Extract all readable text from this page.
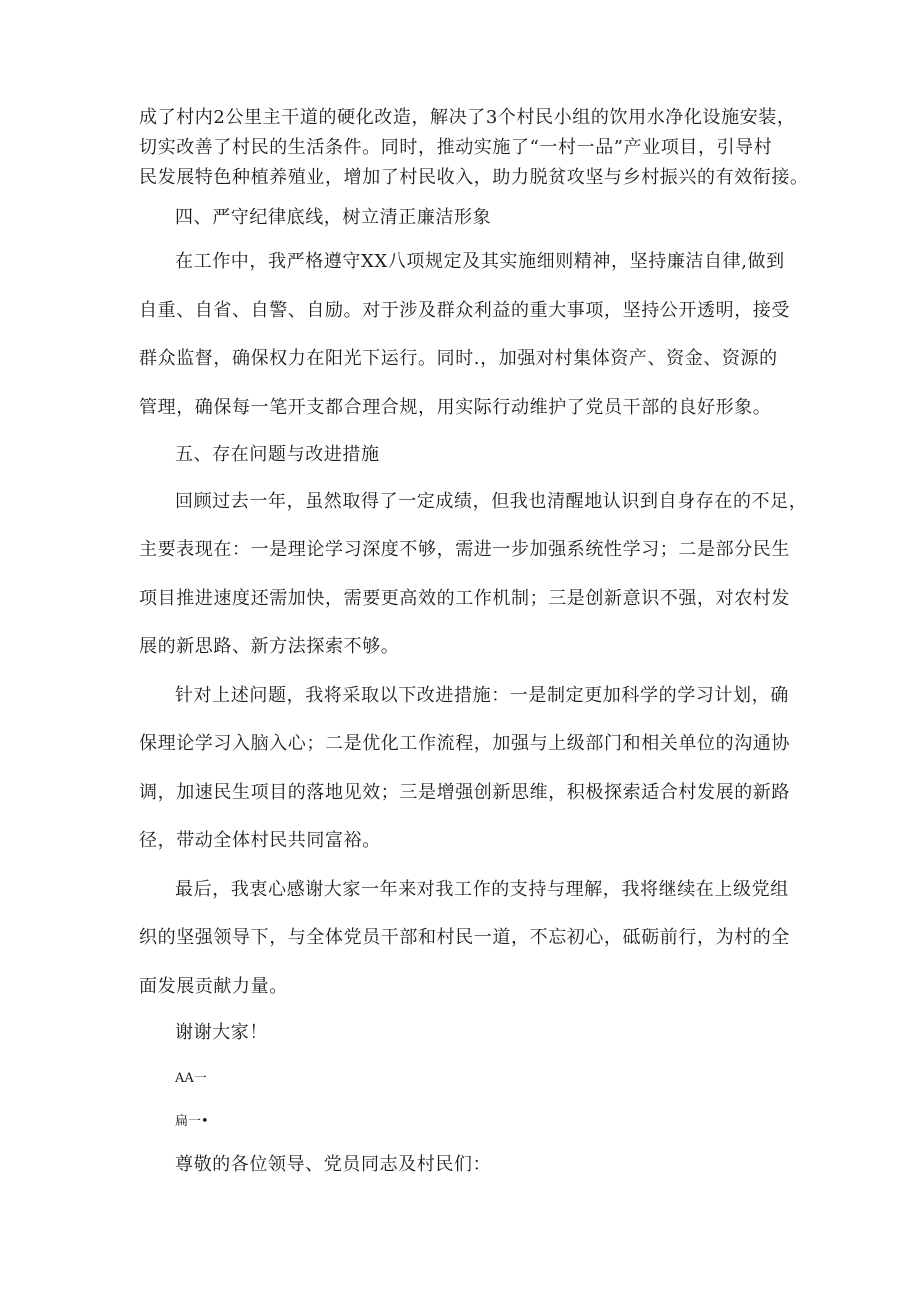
成了村内2公里主干道的硬化改造，解决了3个村民小组的饮用水净化设施安装，
切实改善了村民的生活条件。同时，推动实施了“一村一品”产业项目，引导村
民发展特色种植养殖业，增加了村民收入，助力脱贫攻坚与乡村振兴的有效衔接。
四、严守纪律底线，树立清正廉洁形象
在工作中，我严格遵守XX八项规定及其实施细则精神，坚持廉洁自律,做到
自重、自省、自警、自励。对于涉及群众利益的重大事项，坚持公开透明，接受
群众监督，确保权力在阳光下运行。同时.，加强对村集体资产、资金、资源的
管理，确保每一笔开支都合理合规，用实际行动维护了党员干部的良好形象。
五、存在问题与改进措施
回顾过去一年，虽然取得了一定成绩，但我也清醒地认识到自身存在的不足，
主要表现在：一是理论学习深度不够，需进一步加强系统性学习；二是部分民生
项目推进速度还需加快，需要更高效的工作机制；三是创新意识不强，对农村发
展的新思路、新方法探索不够。
针对上述问题，我将采取以下改进措施：一是制定更加科学的学习计划，确
保理论学习入脑入心；二是优化工作流程，加强与上级部门和相关单位的沟通协
调，加速民生项目的落地见效；三是增强创新思维，积极探索适合村发展的新路
径，带动全体村民共同富裕。
最后，我衷心感谢大家一年来对我工作的支持与理解，我将继续在上级党组
织的坚强领导下，与全体党员干部和村民一道，不忘初心，砥砺前行，为村的全
面发展贡献力量。
谢谢大家！
AA一
扁一•
尊敬的各位领导、党员同志及村民们：
